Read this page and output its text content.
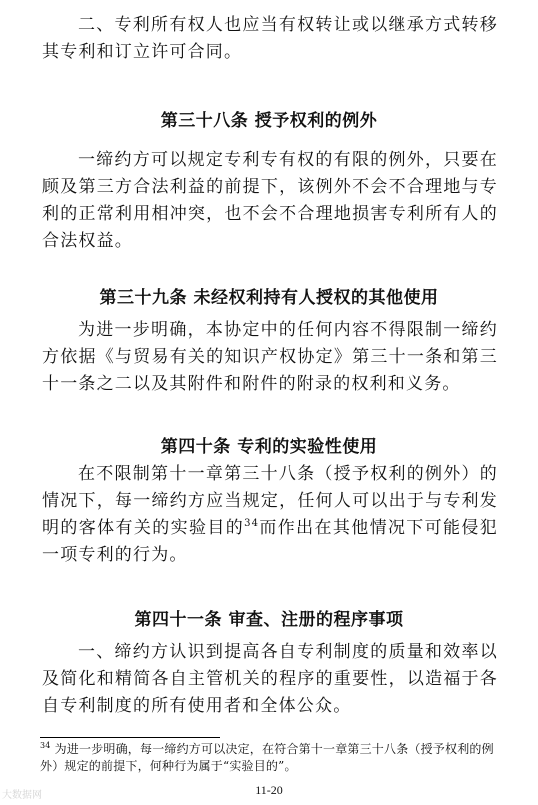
二、专利所有权人也应当有权转让或以继承方式转移其专利和订立许可合同。

第三十八条 授予权利的例外

一缔约方可以规定专利专有权的有限的例外，只要在顾及第三方合法利益的前提下，该例外不会不合理地与专利的正常利用相冲突，也不会不合理地损害专利所有人的合法权益。

第三十九条 未经权利持有人授权的其他使用

为进一步明确，本协定中的任何内容不得限制一缔约方依据《与贸易有关的知识产权协定》第三十一条和第三十一条之二以及其附件和附件的附录的权利和义务。

第四十条 专利的实验性使用

在不限制第十一章第三十八条（授予权利的例外）的情况下，每一缔约方应当规定，任何人可以出于与专利发明的客体有关的实验目的$^{34}$而作出在其他情况下可能侵犯一项专利的行为。

第四十一条 审查、注册的程序事项

一、缔约方认识到提高各自专利制度的质量和效率以及简化和精简各自主管机关的程序的重要性，以造福于各自专利制度的所有使用者和全体公众。

$^{34}$ 为进一步明确，每一缔约方可以决定，在符合第十一章第三十八条（授予权利的例外）规定的前提下，何种行为属于“实验目的”。

11-20
大数据网
